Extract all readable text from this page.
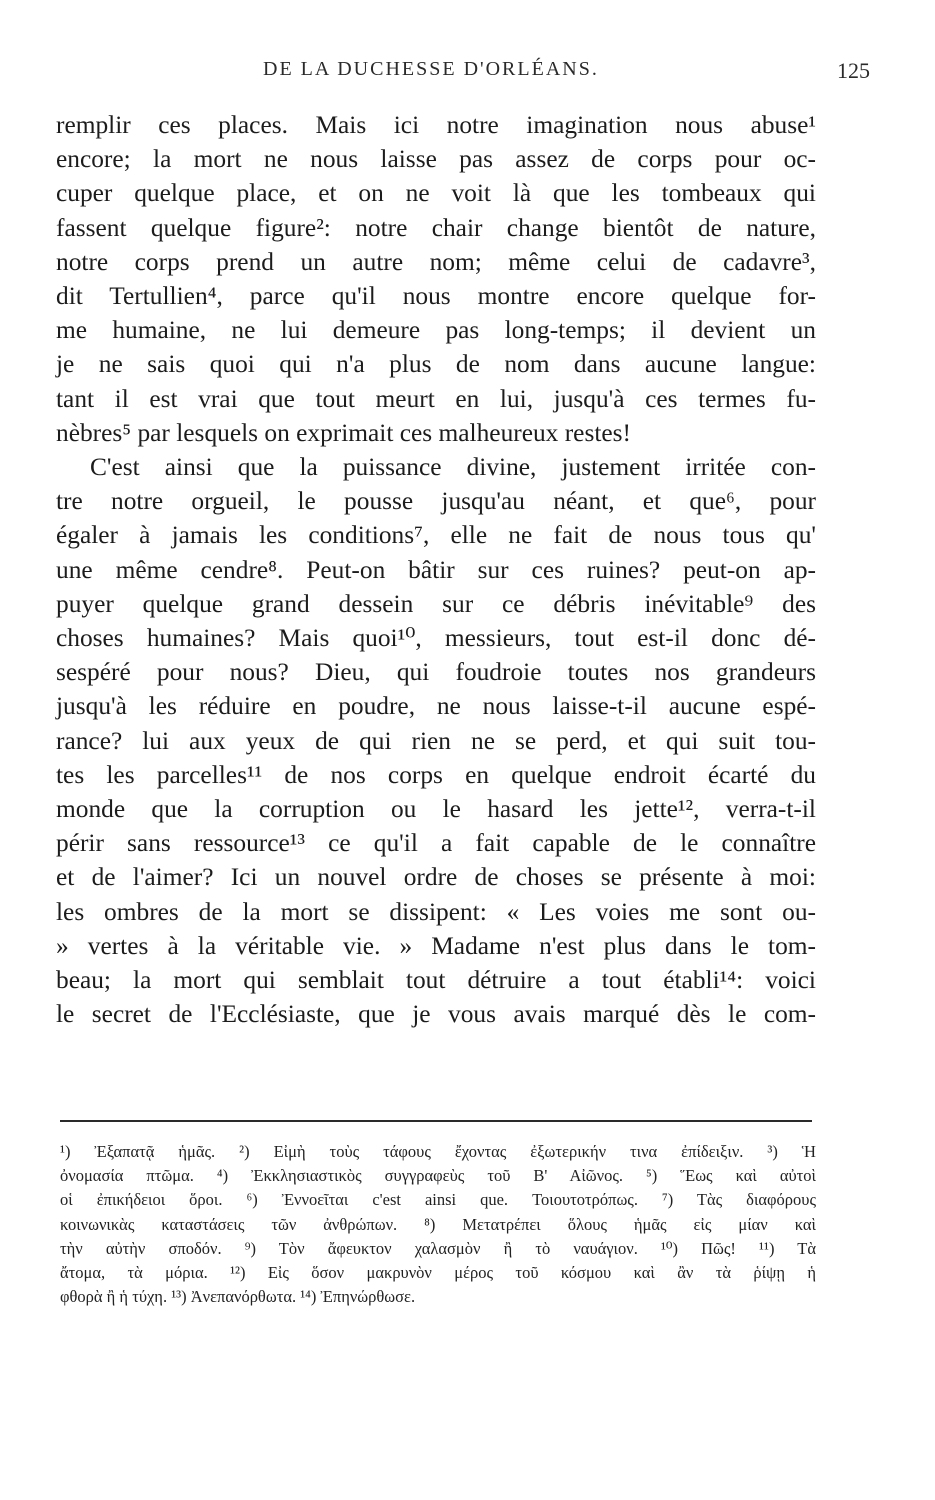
DE LA DUCHESSE D'ORLÉANS.	125
remplir ces places. Mais ici notre imagination nous abuse¹
encore; la mort ne nous laisse pas assez de corps pour oc-
cuper quelque place, et on ne voit là que les tombeaux qui
fassent quelque figure²: notre chair change bientôt de nature,
notre corps prend un autre nom; même celui de cadavre³,
dit Tertullien⁴, parce qu'il nous montre encore quelque for-
me humaine, ne lui demeure pas long-temps; il devient un
je ne sais quoi qui n'a plus de nom dans aucune langue:
tant il est vrai que tout meurt en lui, jusqu'à ces termes fu-
nèbres⁵ par lesquels on exprimait ces malheureux restes!
C'est ainsi que la puissance divine, justement irritée con-
tre notre orgueil, le pousse jusqu'au néant, et que⁶, pour
égaler à jamais les conditions⁷, elle ne fait de nous tous qu'
une même cendre⁸. Peut-on bâtir sur ces ruines? peut-on ap-
puyer quelque grand dessein sur ce débris inévitable⁹ des
choses humaines? Mais quoi¹⁰, messieurs, tout est-il donc dé-
sespéré pour nous? Dieu, qui foudroie toutes nos grandeurs
jusqu'à les réduire en poudre, ne nous laisse-t-il aucune espé-
rance? lui aux yeux de qui rien ne se perd, et qui suit tou-
tes les parcelles¹¹ de nos corps en quelque endroit écarté du
monde que la corruption ou le hasard les jette¹², verra-t-il
périr sans ressource¹³ ce qu'il a fait capable de le connaître
et de l'aimer? Ici un nouvel ordre de choses se présente à moi:
les ombres de la mort se dissipent: « Les voies me sont ou-
» vertes à la véritable vie. » Madame n'est plus dans le tom-
beau; la mort qui semblait tout détruire a tout établi¹⁴: voici
le secret de l'Ecclésiaste, que je vous avais marqué dès le com-
¹) Ἐξαπατᾷ ἡμᾶς. ²) Εἰμὴ τοὺς τάφους ἔχοντας ἐξωτερικήν τινα ἐπίδειξιν. ³) Ἡ
ὀνομασία πτῶμα. ⁴) Ἐκκλησιαστικὸς συγγραφεὺς τοῦ Β' Αἰῶνος. ⁵) Ἕως καὶ αὐτοὶ
οἱ ἐπικήδειοι ὅροι. ⁶) Ἐννοεῖται c'est ainsi que. Τοιουτοτρόπως. ⁷) Τὰς διαφόρους
κοινωνικὰς καταστάσεις τῶν ἀνθρώπων. ⁸) Μετατρέπει ὅλους ἡμᾶς εἰς μίαν καὶ
τὴν αὐτὴν σποδόν. ⁹) Τὸν ἄφευκτον χαλασμὸν ἢ τὸ ναυάγιον. ¹⁰) Πῶς! ¹¹) Τὰ
ἄτομα, τὰ μόρια. ¹²) Εἰς ὅσον μακρυνὸν μέρος τοῦ κόσμου καὶ ἂν τὰ ῥίψῃ ἡ
φθορὰ ἢ ἡ τύχη. ¹³) Ἀνεπανόρθωτα. ¹⁴) Ἐπηνώρθωσε.
